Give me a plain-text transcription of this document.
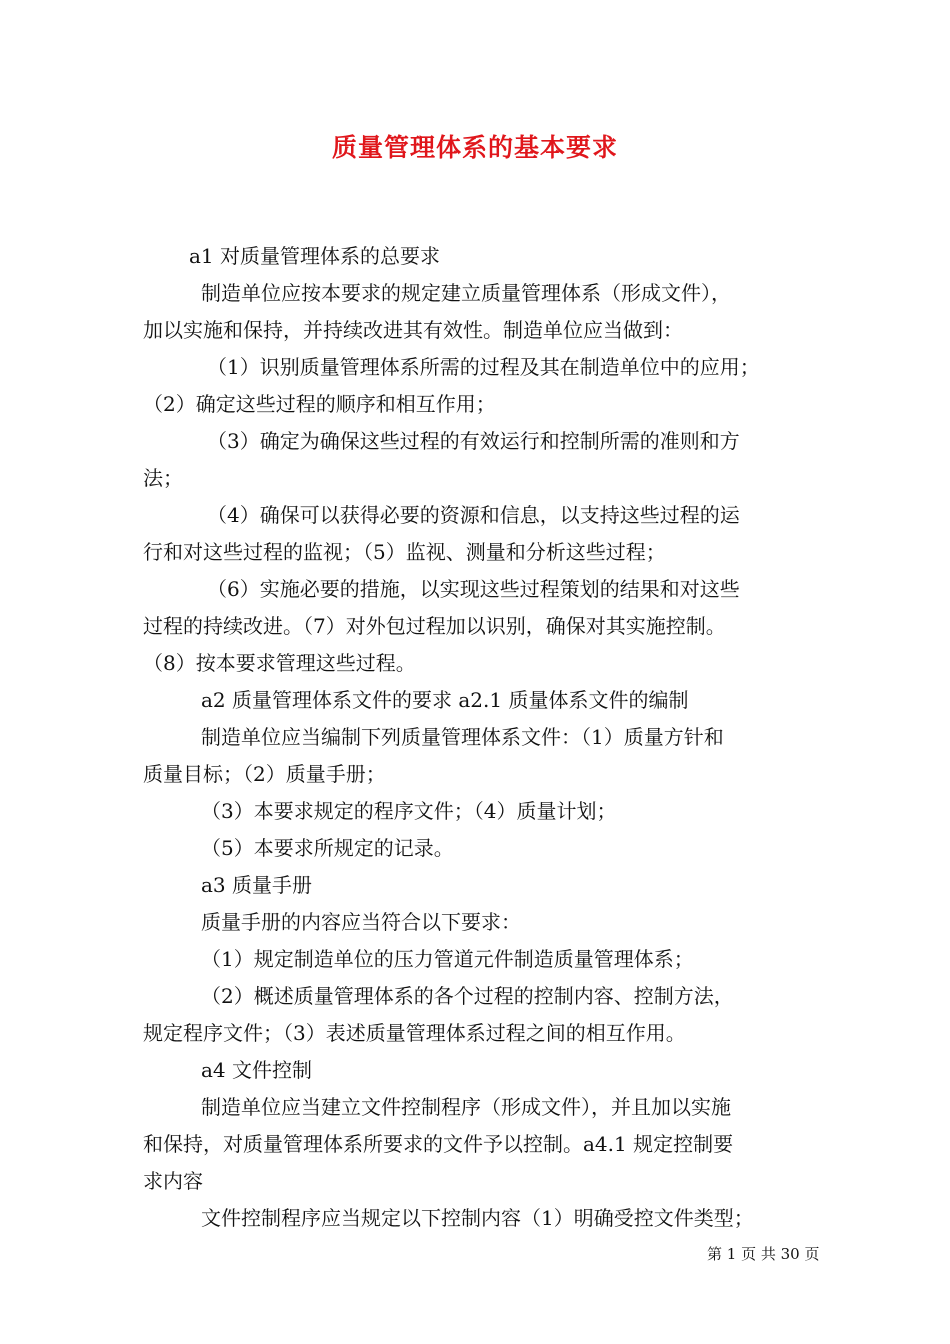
质量管理体系的基本要求
a1 对质量管理体系的总要求
制造单位应按本要求的规定建立质量管理体系（形成文件），
加以实施和保持，并持续改进其有效性。制造单位应当做到：
（1）识别质量管理体系所需的过程及其在制造单位中的应用；
（2）确定这些过程的顺序和相互作用；
（3）确定为确保这些过程的有效运行和控制所需的准则和方
法；
（4）确保可以获得必要的资源和信息，以支持这些过程的运
行和对这些过程的监视；（5）监视、测量和分析这些过程；
（6）实施必要的措施，以实现这些过程策划的结果和对这些
过程的持续改进。（7）对外包过程加以识别，确保对其实施控制。
（8）按本要求管理这些过程。
a2 质量管理体系文件的要求 a2.1 质量体系文件的编制
制造单位应当编制下列质量管理体系文件：（1）质量方针和
质量目标；（2）质量手册；
（3）本要求规定的程序文件；（4）质量计划；
（5）本要求所规定的记录。
a3 质量手册
质量手册的内容应当符合以下要求：
（1）规定制造单位的压力管道元件制造质量管理体系；
（2）概述质量管理体系的各个过程的控制内容、控制方法，
规定程序文件；（3）表述质量管理体系过程之间的相互作用。
a4 文件控制
制造单位应当建立文件控制程序（形成文件），并且加以实施
和保持，对质量管理体系所要求的文件予以控制。a4.1 规定控制要
求内容
文件控制程序应当规定以下控制内容（1）明确受控文件类型；
第 1 页 共 30 页
